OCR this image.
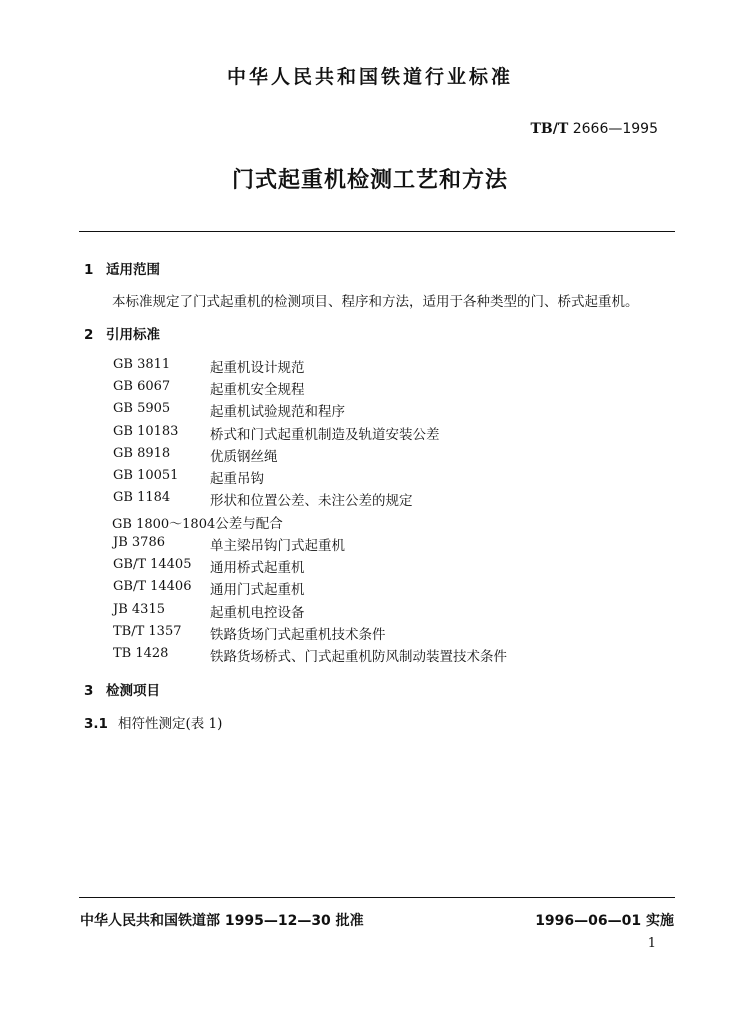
中华人民共和国铁道行业标准
TB/T 2666—1995
门式起重机检测工艺和方法
1 适用范围
本标准规定了门式起重机的检测项目、程序和方法，适用于各种类型的门、桥式起重机。
2 引用标准
GB 3811	起重机设计规范
GB 6067	起重机安全规程
GB 5905	起重机试验规范和程序
GB 10183 桥式和门式起重机制造及轨道安装公差
GB 8918	优质钢丝绳
GB 10051 起重吊钩
GB 1184	形状和位置公差、未注公差的规定
GB 1800～1804公差与配合
JB 3786	单主梁吊钩门式起重机
GB/T 14405 通用桥式起重机
GB/T 14406 通用门式起重机
JB 4315	起重机电控设备
TB/T 1357 铁路货场门式起重机技术条件
TB 1428	铁路货场桥式、门式起重机防风制动装置技术条件
3 检测项目
3.1 相符性测定(表 1)
中华人民共和国铁道部 1995—12—30 批准	1996—06—01 实施
1
